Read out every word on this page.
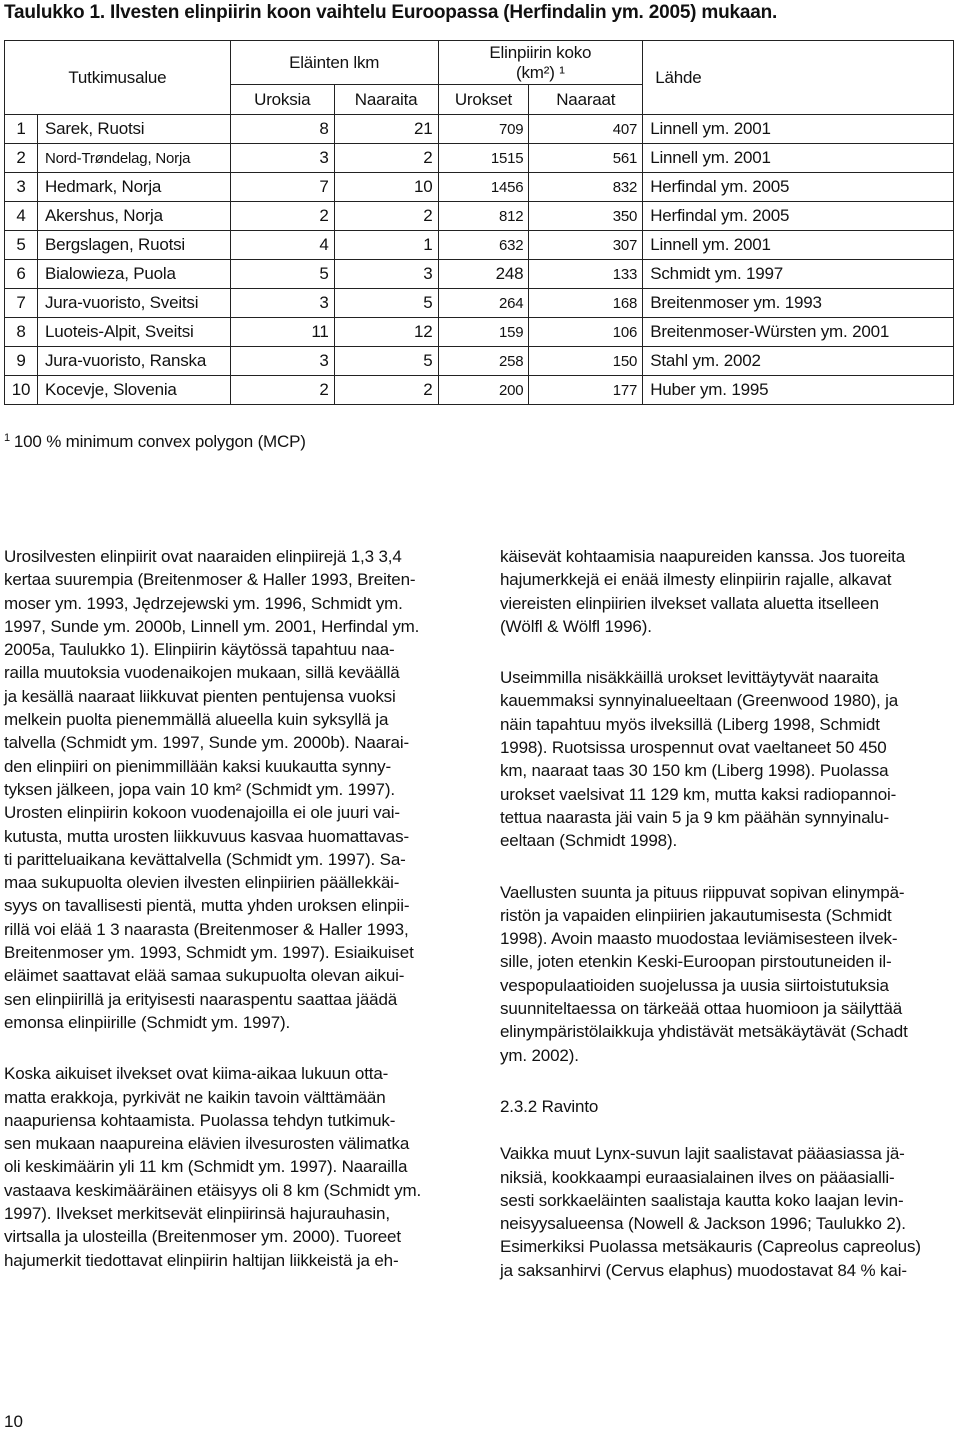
Taulukko 1. Ilvesten elinpiirin koon vaihtelu Euroopassa (Herfindalin ym. 2005) mukaan.
Tutkimusalue		Eläinten lkm		Elinpiirin koko
(km²) ¹		Lähde
		Uroksia	Naaraita	Urokset	Naaraat	
1	Sarek, Ruotsi	8	21	709	407	Linnell ym. 2001
2	Nord-Trøndelag, Norja	3	2	1515	561	Linnell ym. 2001
3	Hedmark, Norja	7	10	1456	832	Herfindal ym. 2005
4	Akershus, Norja	2	2	812	350	Herfindal ym. 2005
5	Bergslagen, Ruotsi	4	1	632	307	Linnell ym. 2001
6	Bialowieza, Puola	5	3	248	133	Schmidt ym. 1997
7	Jura-vuoristo, Sveitsi	3	5	264	168	Breitenmoser ym. 1993
8	Luoteis-Alpit, Sveitsi	11	12	159	106	Breitenmoser-Würsten ym. 2001
9	Jura-vuoristo, Ranska	3	5	258	150	Stahl ym. 2002
10	Kocevje, Slovenia	2	2	200	177	Huber ym. 1995
$^1$ 100 % minimum convex polygon (MCP)

Urosilvesten elinpiirit ovat naaraiden elinpiirejä 1,3 3,4
kertaa suurempia (Breitenmoser & Haller 1993, Breiten-
moser ym. 1993, Jędrzejewski ym. 1996, Schmidt ym.
1997, Sunde ym. 2000b, Linnell ym. 2001, Herfindal ym.
2005a, Taulukko 1). Elinpiirin käytössä tapahtuu naa-
railla muutoksia vuodenaikojen mukaan, sillä keväällä
ja kesällä naaraat liikkuvat pienten pentujensa vuoksi
melkein puolta pienemmällä alueella kuin syksyllä ja
talvella (Schmidt ym. 1997, Sunde ym. 2000b). Naarai-
den elinpiiri on pienimmillään kaksi kuukautta synny-
tyksen jälkeen, jopa vain 10 km² (Schmidt ym. 1997).
Urosten elinpiirin kokoon vuodenajoilla ei ole juuri vai-
kutusta, mutta urosten liikkuvuus kasvaa huomattavas-
ti paritteluaikana kevättalvella (Schmidt ym. 1997). Sa-
maa sukupuolta olevien ilvesten elinpiirien päällekkäi-
syys on tavallisesti pientä, mutta yhden uroksen elinpii-
rillä voi elää 1 3 naarasta (Breitenmoser & Haller 1993,
Breitenmoser ym. 1993, Schmidt ym. 1997). Esiaikuiset
eläimet saattavat elää samaa sukupuolta olevan aikui-
sen elinpiirillä ja erityisesti naaraspentu saattaa jäädä
emonsa elinpiirille (Schmidt ym. 1997).

Koska aikuiset ilvekset ovat kiima-aikaa lukuun otta-
matta erakkoja, pyrkivät ne kaikin tavoin välttämään
naapuriensa kohtaamista. Puolassa tehdyn tutkimuk-
sen mukaan naapureina elävien ilvesurosten välimatka
oli keskimäärin yli 11 km (Schmidt ym. 1997). Naarailla
vastaava keskimääräinen etäisyys oli 8 km (Schmidt ym.
1997). Ilvekset merkitsevät elinpiirinsä hajurauhasin,
virtsalla ja ulosteilla (Breitenmoser ym. 2000). Tuoreet
hajumerkit tiedottavat elinpiirin haltijan liikkeistä ja eh-

käisevät kohtaamisia naapureiden kanssa. Jos tuoreita
hajumerkkejä ei enää ilmesty elinpiirin rajalle, alkavat
viereisten elinpiirien ilvekset vallata aluetta itselleen
(Wölfl & Wölfl 1996).

Useimmilla nisäkkäillä urokset levittäytyvät naaraita
kauemmaksi synnyinalueeltaan (Greenwood 1980), ja
näin tapahtuu myös ilveksillä (Liberg 1998, Schmidt
1998). Ruotsissa urospennut ovat vaeltaneet 50 450
km, naaraat taas 30 150 km (Liberg 1998). Puolassa
urokset vaelsivat 11 129 km, mutta kaksi radiopannoi-
tettua naarasta jäi vain 5 ja 9 km päähän synnyinalu-
eeltaan (Schmidt 1998).

Vaellusten suunta ja pituus riippuvat sopivan elinympä-
ristön ja vapaiden elinpiirien jakautumisesta (Schmidt
1998). Avoin maasto muodostaa leviämisesteen ilvek-
sille, joten etenkin Keski-Euroopan pirstoutuneiden il-
vespopulaatioiden suojelussa ja uusia siirtoistutuksia
suunniteltaessa on tärkeää ottaa huomioon ja säilyttää
elinympäristölaikkuja yhdistävät metsäkäytävät (Schadt
ym. 2002).

2.3.2 Ravinto

Vaikka muut Lynx-suvun lajit saalistavat pääasiassa jä-
niksiä, kookkaampi euraasialainen ilves on pääasialli-
sesti sorkkaeläinten saalistaja kautta koko laajan levin-
neisyysalueensa (Nowell & Jackson 1996; Taulukko 2).
Esimerkiksi Puolassa metsäkauris (Capreolus capreolus)
ja saksanhirvi (Cervus elaphus) muodostavat 84 % kai-

10
